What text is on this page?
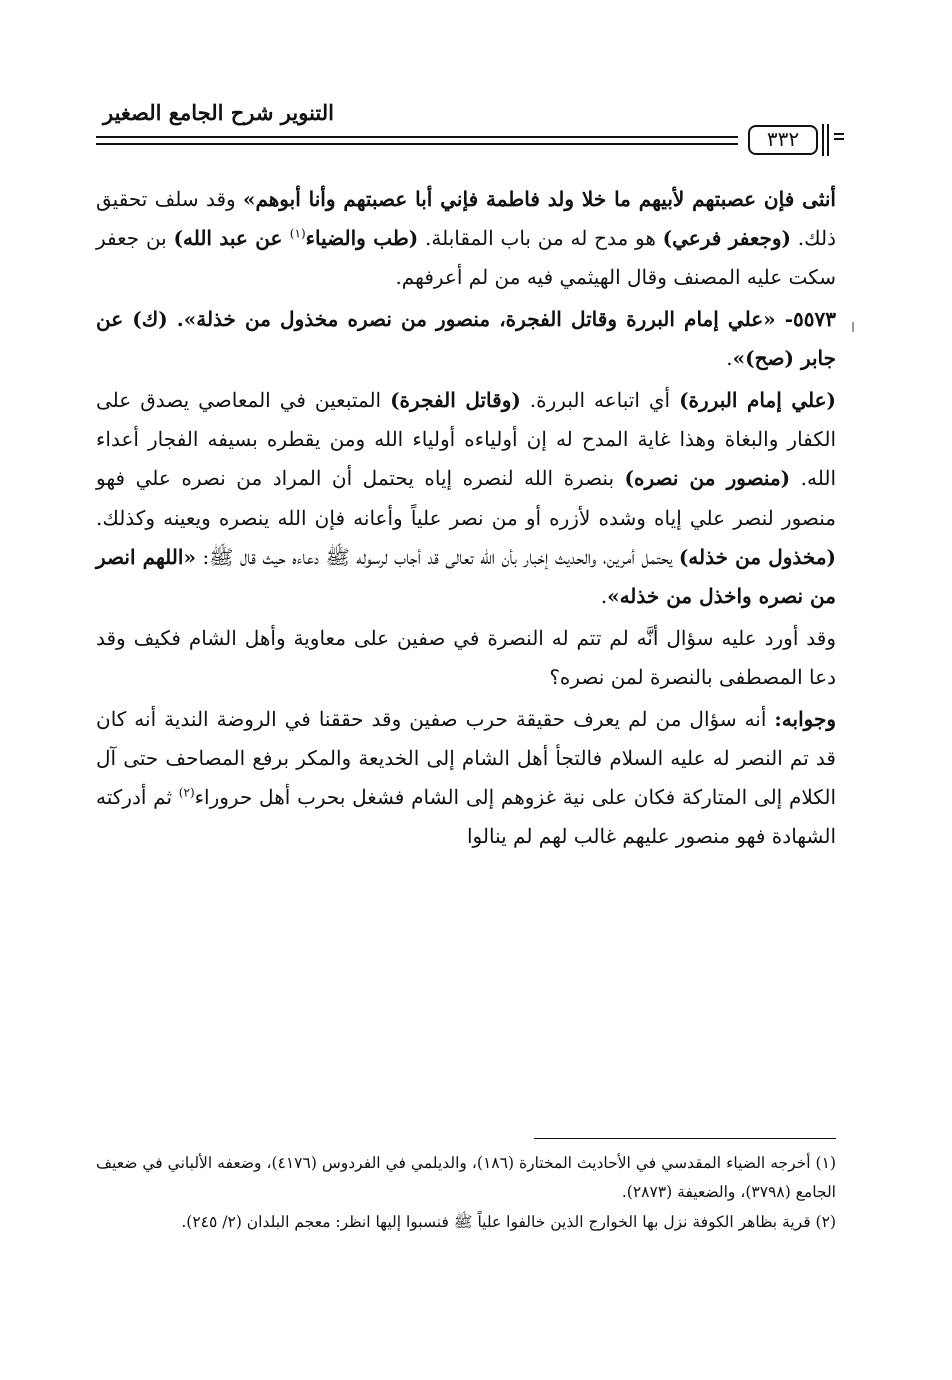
التنوير شرح الجامع الصغير
٣٣٢

أنثى فإن عصبتهم لأبيهم ما خلا ولد فاطمة فإني أبا عصبتهم وأنا أبوهم» وقد سلف تحقيق ذلك. (وجعفر فرعي) هو مدح له من باب المقابلة. (طب والضياء$^{(١)}$ عن عبد الله) بن جعفر سكت عليه المصنف وقال الهيثمي فيه من لم أعرفهم.

٥٥٧٣- «علي إمام البررة وقاتل الفجرة، منصور من نصره مخذول من خذلة». (ك) عن جابر (صح)».

(علي إمام البررة) أي اتباعه البررة. (وقاتل الفجرة) المتبعين في المعاصي يصدق على الكفار والبغاة وهذا غاية المدح له إن أولياءه أولياء الله ومن يقطره بسيفه الفجار أعداء الله. (منصور من نصره) بنصرة الله لنصره إياه يحتمل أن المراد من نصره علي فهو منصور لنصر علي إياه وشده لأزره أو من نصر علياً وأعانه فإن الله ينصره ويعينه وكذلك. (مخذول من خذله) يحتمل أمرين، والحديث إخبار بأن الله تعالى قد أجاب لرسوله ﷺ دعاءه حيث قال ﷺ: «اللهم انصر من نصره واخذل من خذله».

وقد أورد عليه سؤال أنَّه لم تتم له النصرة في صفين على معاوية وأهل الشام فكيف وقد دعا المصطفى بالنصرة لمن نصره؟

وجوابه: أنه سؤال من لم يعرف حقيقة حرب صفين وقد حققنا في الروضة الندية أنه كان قد تم النصر له عليه السلام فالتجأ أهل الشام إلى الخديعة والمكر برفع المصاحف حتى آل الكلام إلى المتاركة فكان على نية غزوهم إلى الشام فشغل بحرب أهل حروراء$^{(٢)}$ ثم أدركته الشهادة فهو منصور عليهم غالب لهم لم ينالوا

(١) أخرجه الضياء المقدسي في الأحاديث المختارة (١٨٦)، والديلمي في الفردوس (٤١٧٦)، وضعفه الألباني في ضعيف الجامع (٣٧٩٨)، والضعيفة (٢٨٧٣).

(٢) قرية بظاهر الكوفة نزل بها الخوارج الذين خالفوا علياً ﷺ فنسبوا إليها انظر: معجم البلدان (٢/ ٢٤٥).
